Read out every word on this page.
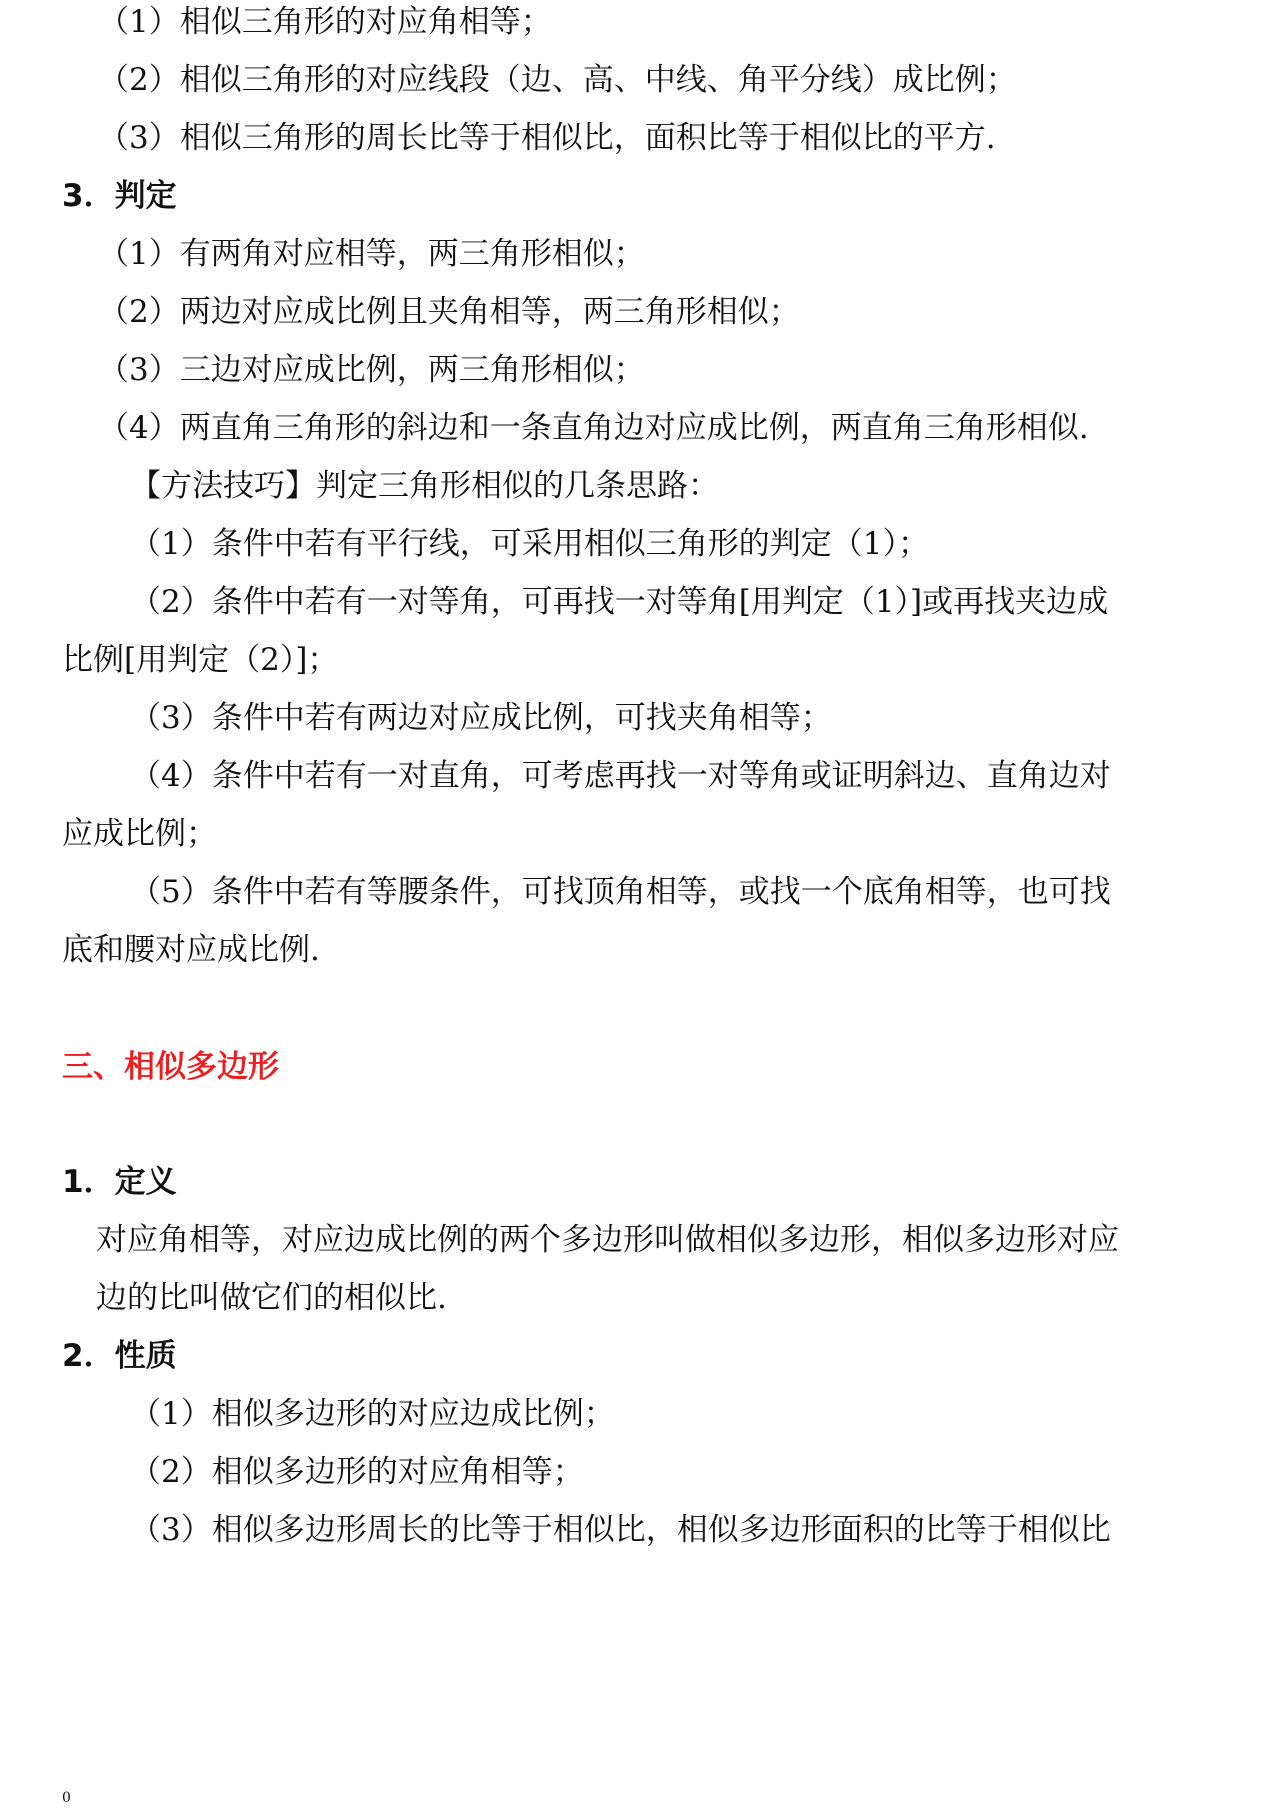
（1）相似三角形的对应角相等；

（2）相似三角形的对应线段（边、高、中线、角平分线）成比例；

（3）相似三角形的周长比等于相似比，面积比等于相似比的平方.

3．判定

（1）有两角对应相等，两三角形相似；

（2）两边对应成比例且夹角相等，两三角形相似；

（3）三边对应成比例，两三角形相似；

（4）两直角三角形的斜边和一条直角边对应成比例，两直角三角形相似.

【方法技巧】判定三角形相似的几条思路：

（1）条件中若有平行线，可采用相似三角形的判定（1）；

（2）条件中若有一对等角，可再找一对等角[用判定（1）]或再找夹边成

比例[用判定（2）]；

（3）条件中若有两边对应成比例，可找夹角相等；

（4）条件中若有一对直角，可考虑再找一对等角或证明斜边、直角边对

应成比例；

（5）条件中若有等腰条件，可找顶角相等，或找一个底角相等，也可找

底和腰对应成比例.

三、相似多边形

1．定义

对应角相等，对应边成比例的两个多边形叫做相似多边形，相似多边形对应

边的比叫做它们的相似比.

2．性质

（1）相似多边形的对应边成比例；

（2）相似多边形的对应角相等；

（3）相似多边形周长的比等于相似比，相似多边形面积的比等于相似比

0
